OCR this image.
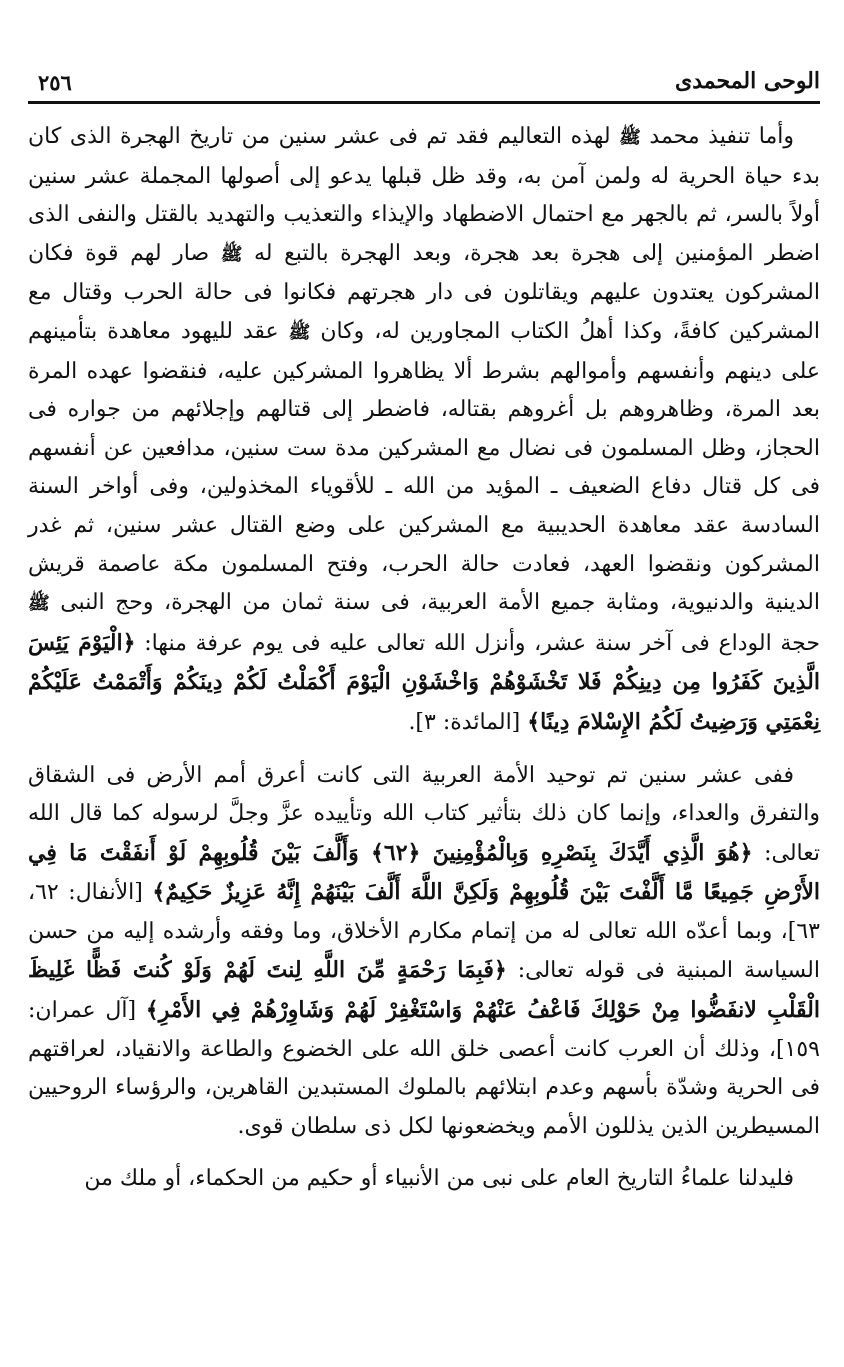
الوحى المحمدى
٢٥٦

وأما تنفيذ محمد ﷺ لهذه التعاليم فقد تم فى عشر سنين من تاريخ الهجرة الذى كان بدء حياة الحرية له ولمن آمن به، وقد ظل قبلها يدعو إلى أصولها المجملة عشر سنين أولاً بالسر، ثم بالجهر مع احتمال الاضطهاد والإيذاء والتعذيب والتهديد بالقتل والنفى الذى اضطر المؤمنين إلى هجرة بعد هجرة، وبعد الهجرة بالتبع له ﷺ صار لهم قوة فكان المشركون يعتدون عليهم ويقاتلون فى دار هجرتهم فكانوا فى حالة الحرب وقتال مع المشركين كافةً، وكذا أهلُ الكتاب المجاورين له، وكان ﷺ عقد لليهود معاهدة بتأمينهم على دينهم وأنفسهم وأموالهم بشرط ألا يظاهروا المشركين عليه، فنقضوا عهده المرة بعد المرة، وظاهروهم بل أغروهم بقتاله، فاضطر إلى قتالهم وإجلائهم من جواره فى الحجاز، وظل المسلمون فى نضال مع المشركين مدة ست سنين، مدافعين عن أنفسهم فى كل قتال دفاع الضعيف ـ المؤيد من الله ـ للأقوياء المخذولين، وفى أواخر السنة السادسة عقد معاهدة الحديبية مع المشركين على وضع القتال عشر سنين، ثم غدر المشركون ونقضوا العهد، فعادت حالة الحرب، وفتح المسلمون مكة عاصمة قريش الدينية والدنيوية، ومثابة جميع الأمة العربية، فى سنة ثمان من الهجرة، وحج النبى ﷺ حجة الوداع فى آخر سنة عشر، وأنزل الله تعالى عليه فى يوم عرفة منها: ﴿الْيَوْمَ يَئِسَ الَّذِينَ كَفَرُوا مِن دِينِكُمْ فَلا تَخْشَوْهُمْ وَاخْشَوْنِ الْيَوْمَ أَكْمَلْتُ لَكُمْ دِينَكُمْ وَأَتْمَمْتُ عَلَيْكُمْ نِعْمَتِي وَرَضِيتُ لَكُمُ الإِسْلامَ دِينًا﴾ [المائدة: ٣].

ففى عشر سنين تم توحيد الأمة العربية التى كانت أعرق أمم الأرض فى الشقاق والتفرق والعداء، وإنما كان ذلك بتأثير كتاب الله وتأييده عزَّ وجلَّ لرسوله كما قال الله تعالى: ﴿هُوَ الَّذِي أَيَّدَكَ بِنَصْرِهِ وَبِالْمُؤْمِنِينَ ﴿٦٢﴾ وَأَلَّفَ بَيْنَ قُلُوبِهِمْ لَوْ أَنفَقْتَ مَا فِي الأَرْضِ جَمِيعًا مَّا أَلَّفْتَ بَيْنَ قُلُوبِهِمْ وَلَكِنَّ اللَّهَ أَلَّفَ بَيْنَهُمْ إِنَّهُ عَزِيزٌ حَكِيمٌ﴾ [الأنفال: ٦٢، ٦٣]، وبما أعدّه الله تعالى له من إتمام مكارم الأخلاق، وما وفقه وأرشده إليه من حسن السياسة المبنية فى قوله تعالى: ﴿فَبِمَا رَحْمَةٍ مِّنَ اللَّهِ لِنتَ لَهُمْ وَلَوْ كُنتَ فَظًّا غَلِيظَ الْقَلْبِ لانفَضُّوا مِنْ حَوْلِكَ فَاعْفُ عَنْهُمْ وَاسْتَغْفِرْ لَهُمْ وَشَاوِرْهُمْ فِي الأَمْرِ﴾ [آل عمران: ١٥٩]، وذلك أن العرب كانت أعصى خلق الله على الخضوع والطاعة والانقياد، لعراقتهم فى الحرية وشدّة بأسهم وعدم ابتلائهم بالملوك المستبدين القاهرين، والرؤساء الروحيين المسيطرين الذين يذللون الأمم ويخضعونها لكل ذى سلطان قوى.

فليدلنا علماءُ التاريخ العام على نبى من الأنبياء أو حكيم من الحكماء، أو ملك من
